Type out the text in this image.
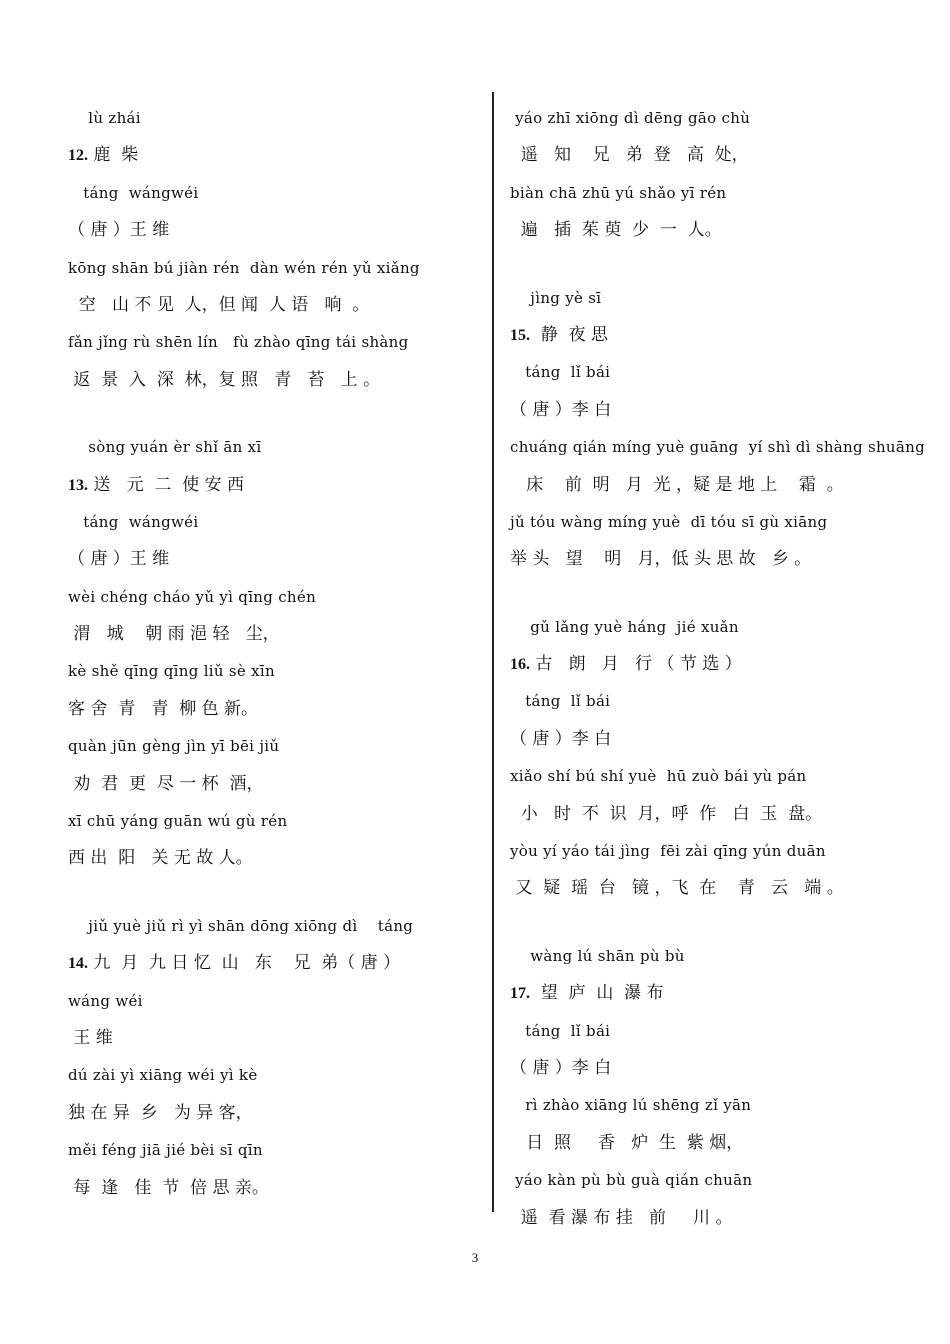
lù zhái
12. 鹿  柴
táng  wángwéi
（ 唐 ）王 维
kōng shān bú jiàn rén  dàn wén rén yǔ xiǎng
空   山 不 见  人，但 闻  人 语   响  。
fǎn jǐng rù shēn lín   fù zhào qīng tái shàng
返  景  入  深  林，复 照   青   苔   上 。
sòng yuán èr shǐ ān xī
13. 送   元  二  使 安 西
táng  wángwéi
（ 唐 ）王 维
wèi chéng cháo yǔ yì qīng chén
渭   城    朝 雨 浥 轻   尘，
kè shě qīng qīng liǔ sè xīn
客 舍  青   青  柳 色 新。
quàn jūn gèng jìn yī bēi jiǔ
劝  君  更  尽 一 杯  酒，
xī chū yáng guān wú gù rén
西 出  阳   关 无 故 人。
jiǔ yuè jiǔ rì yì shān dōng xiōng dì    táng
14. 九  月  九 日 忆  山   东    兄  弟（ 唐 ）
wáng wéi
王 维
dú zài yì xiāng wéi yì kè
独 在 异  乡   为 异 客，
měi féng jiā jié bèi sī qīn
每  逢   佳  节  倍 思 亲。
yáo zhī xiōng dì dēng gāo chù
遥   知    兄   弟  登   高  处，
biàn chā zhū yú shǎo yī rén
遍   插  茱 萸  少  一  人。
jìng yè sī
15.  静  夜 思
táng  lǐ bái
（ 唐 ）李 白
chuáng qián míng yuè guāng  yí shì dì shàng shuāng
床    前  明   月  光 ，疑 是 地 上    霜  。
jǔ tóu wàng míng yuè  dī tóu sī gù xiāng
举 头   望    明   月，低 头 思 故   乡 。
gǔ lǎng yuè háng  jié xuǎn
16. 古   朗   月   行 （ 节 选 ）
táng  lǐ bái
（ 唐 ）李 白
xiǎo shí bú shí yuè  hū zuò bái yù pán
小   时  不  识  月，呼  作   白  玉  盘。
yòu yí yáo tái jìng  fēi zài qīng yún duān
又  疑  瑶  台   镜 ，飞  在    青   云   端 。
wàng lú shān pù bù
17.  望  庐  山  瀑 布
táng  lǐ bái
（ 唐 ）李 白
rì zhào xiāng lú shēng zǐ yān
日  照     香   炉  生  紫 烟，
yáo kàn pù bù guà qián chuān
遥  看 瀑 布 挂   前     川 。
3
